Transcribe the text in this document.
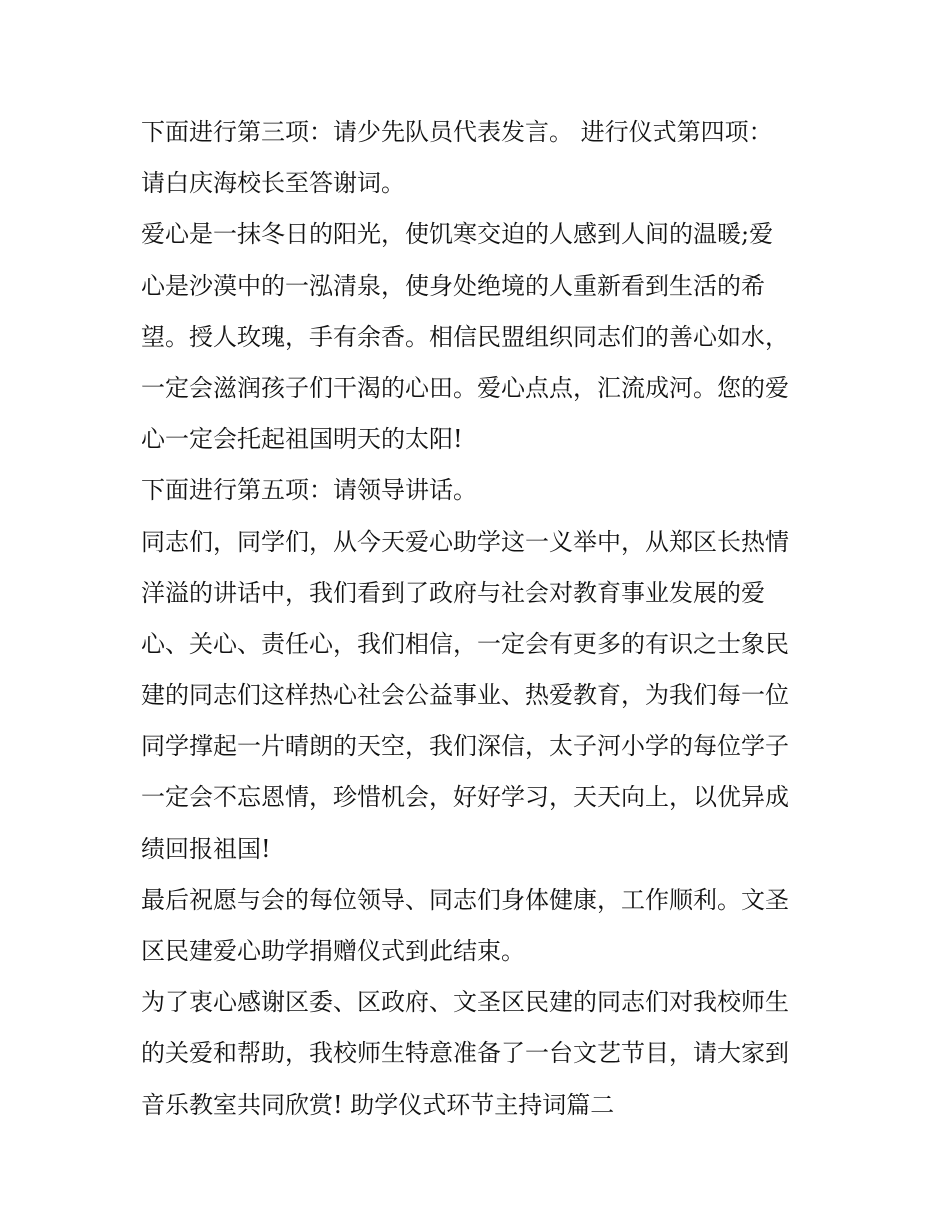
下面进行第三项：请少先队员代表发言。 进行仪式第四项：
请白庆海校长至答谢词。

爱心是一抹冬日的阳光，使饥寒交迫的人感到人间的温暖;爱
心是沙漠中的一泓清泉，使身处绝境的人重新看到生活的希
望。授人玫瑰，手有余香。相信民盟组织同志们的善心如水，
一定会滋润孩子们干渴的心田。爱心点点，汇流成河。您的爱
心一定会托起祖国明天的太阳!

下面进行第五项：请领导讲话。

同志们，同学们，从今天爱心助学这一义举中，从郑区长热情
洋溢的讲话中，我们看到了政府与社会对教育事业发展的爱
心、关心、责任心，我们相信，一定会有更多的有识之士象民
建的同志们这样热心社会公益事业、热爱教育，为我们每一位
同学撑起一片晴朗的天空，我们深信，太子河小学的每位学子
一定会不忘恩情，珍惜机会，好好学习，天天向上，以优异成
绩回报祖国!

最后祝愿与会的每位领导、同志们身体健康，工作顺利。文圣
区民建爱心助学捐赠仪式到此结束。

为了衷心感谢区委、区政府、文圣区民建的同志们对我校师生
的关爱和帮助，我校师生特意准备了一台文艺节目，请大家到
音乐教室共同欣赏! 助学仪式环节主持词篇二
